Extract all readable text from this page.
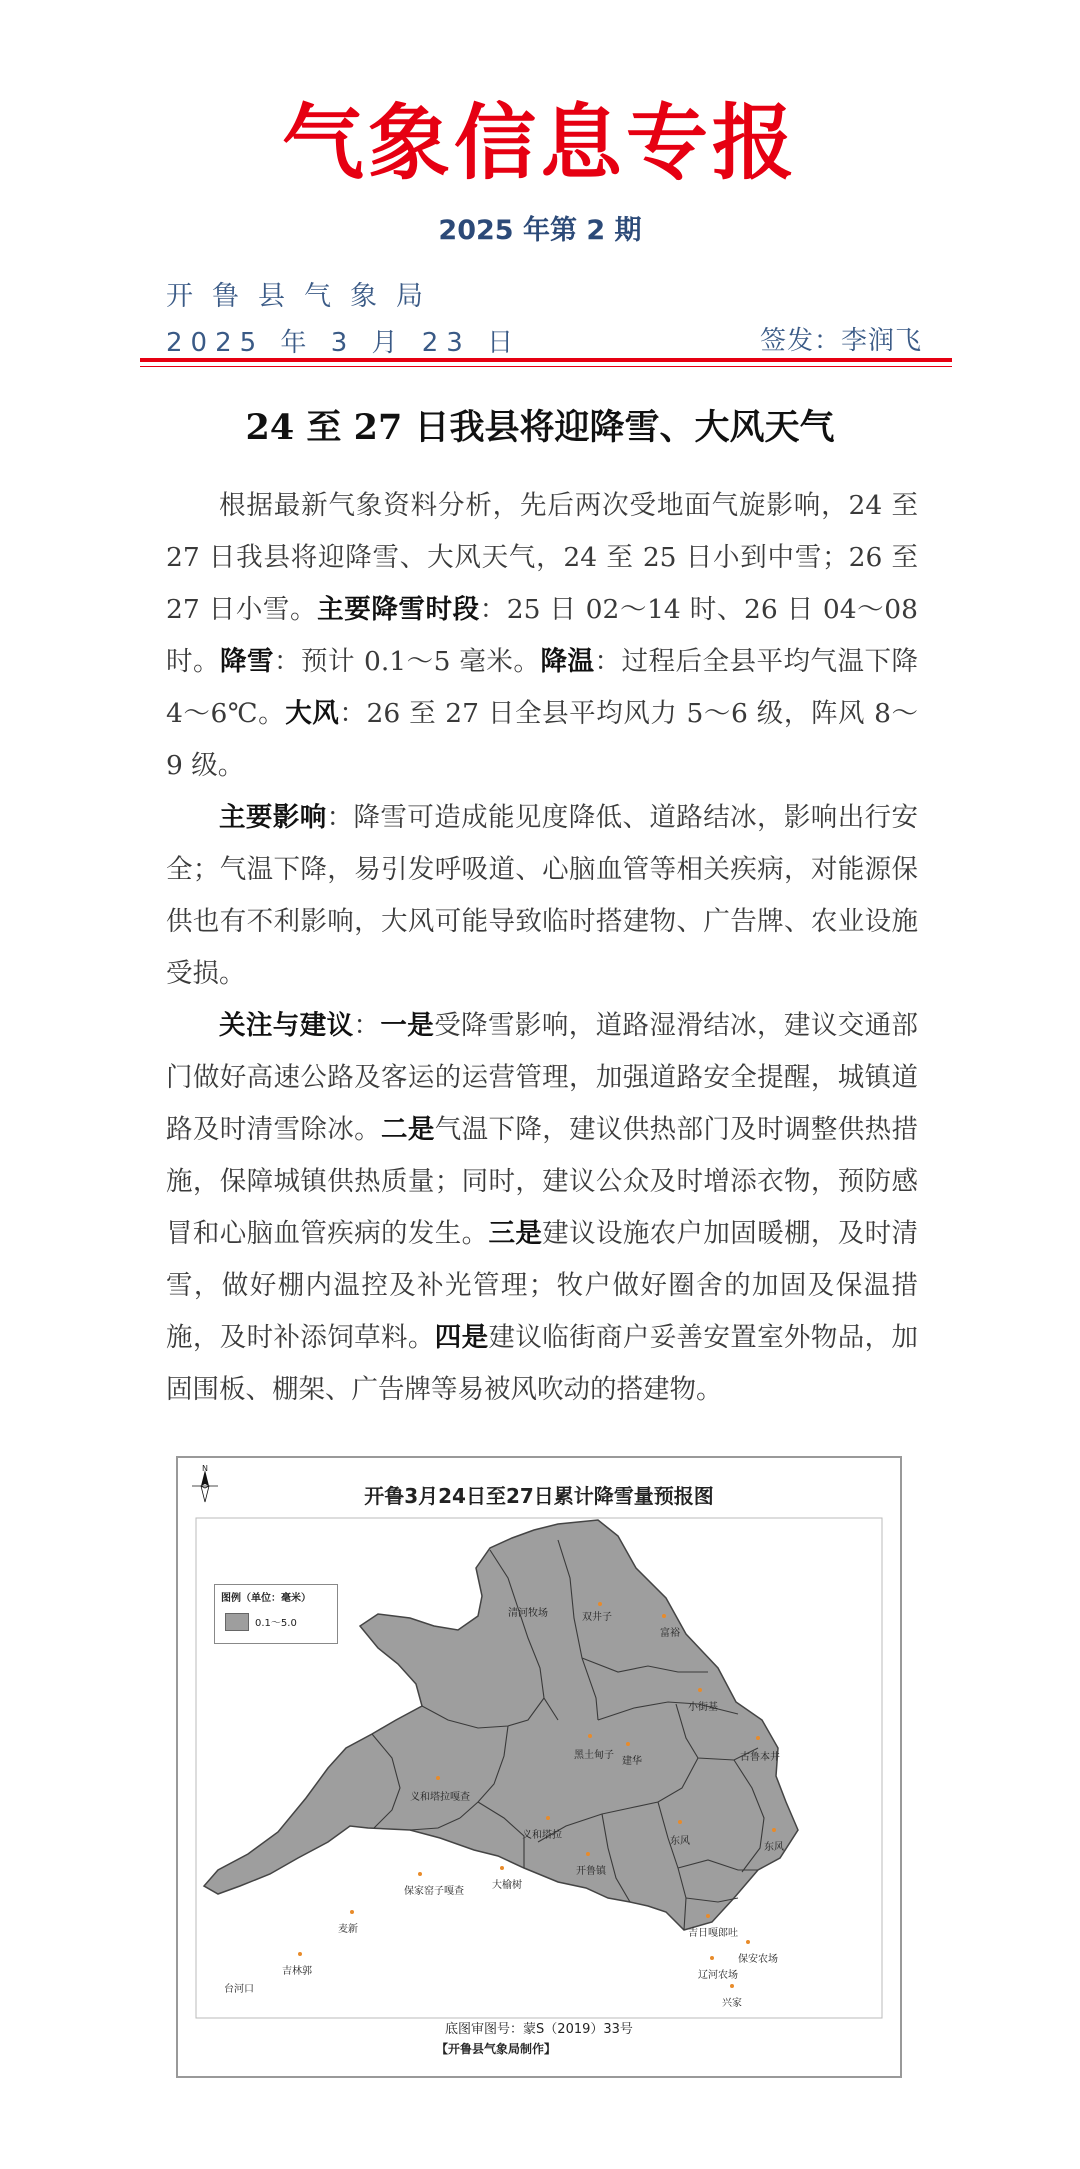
气象信息专报
2025 年第 2 期
开鲁县气象局
2025 年 3 月 23 日	签发：李润飞
24 至 27 日我县将迎降雪、大风天气

根据最新气象资料分析，先后两次受地面气旋影响，24 至 27 日我县将迎降雪、大风天气，24 至 25 日小到中雪；26 至 27 日小雪。主要降雪时段：25 日 02～14 时、26 日 04～08 时。降雪：预计 0.1～5 毫米。降温：过程后全县平均气温下降 4～6℃。大风：26 至 27 日全县平均风力 5～6 级，阵风 8～9 级。

主要影响：降雪可造成能见度降低、道路结冰，影响出行安全；气温下降，易引发呼吸道、心脑血管等相关疾病，对能源保供也有不利影响，大风可能导致临时搭建物、广告牌、农业设施受损。

关注与建议：一是受降雪影响，道路湿滑结冰，建议交通部门做好高速公路及客运的运营管理，加强道路安全提醒，城镇道路及时清雪除冰。二是气温下降，建议供热部门及时调整供热措施，保障城镇供热质量；同时，建议公众及时增添衣物，预防感冒和心脑血管疾病的发生。三是建议设施农户加固暖棚，及时清雪，做好棚内温控及补光管理；牧户做好圈舍的加固及保温措施，及时补添饲草料。四是建议临街商户妥善安置室外物品，加固围板、棚架、广告牌等易被风吹动的搭建物。

开鲁3月24日至27日累计降雪量预报图
N
图例（单位：毫米）
0.1～5.0
清河牧场	双井子
富裕
小街基
黑土甸子
建华	古鲁本井
义和塔拉嘎查
义和塔拉
东风
东风
开鲁镇
保家窑子嘎查
大榆树
麦新	吉日嘎郎吐
保安农场
辽河农场
吉林郭
台河口
兴家
底图审图号：蒙S（2019）33号
【开鲁县气象局制作】
